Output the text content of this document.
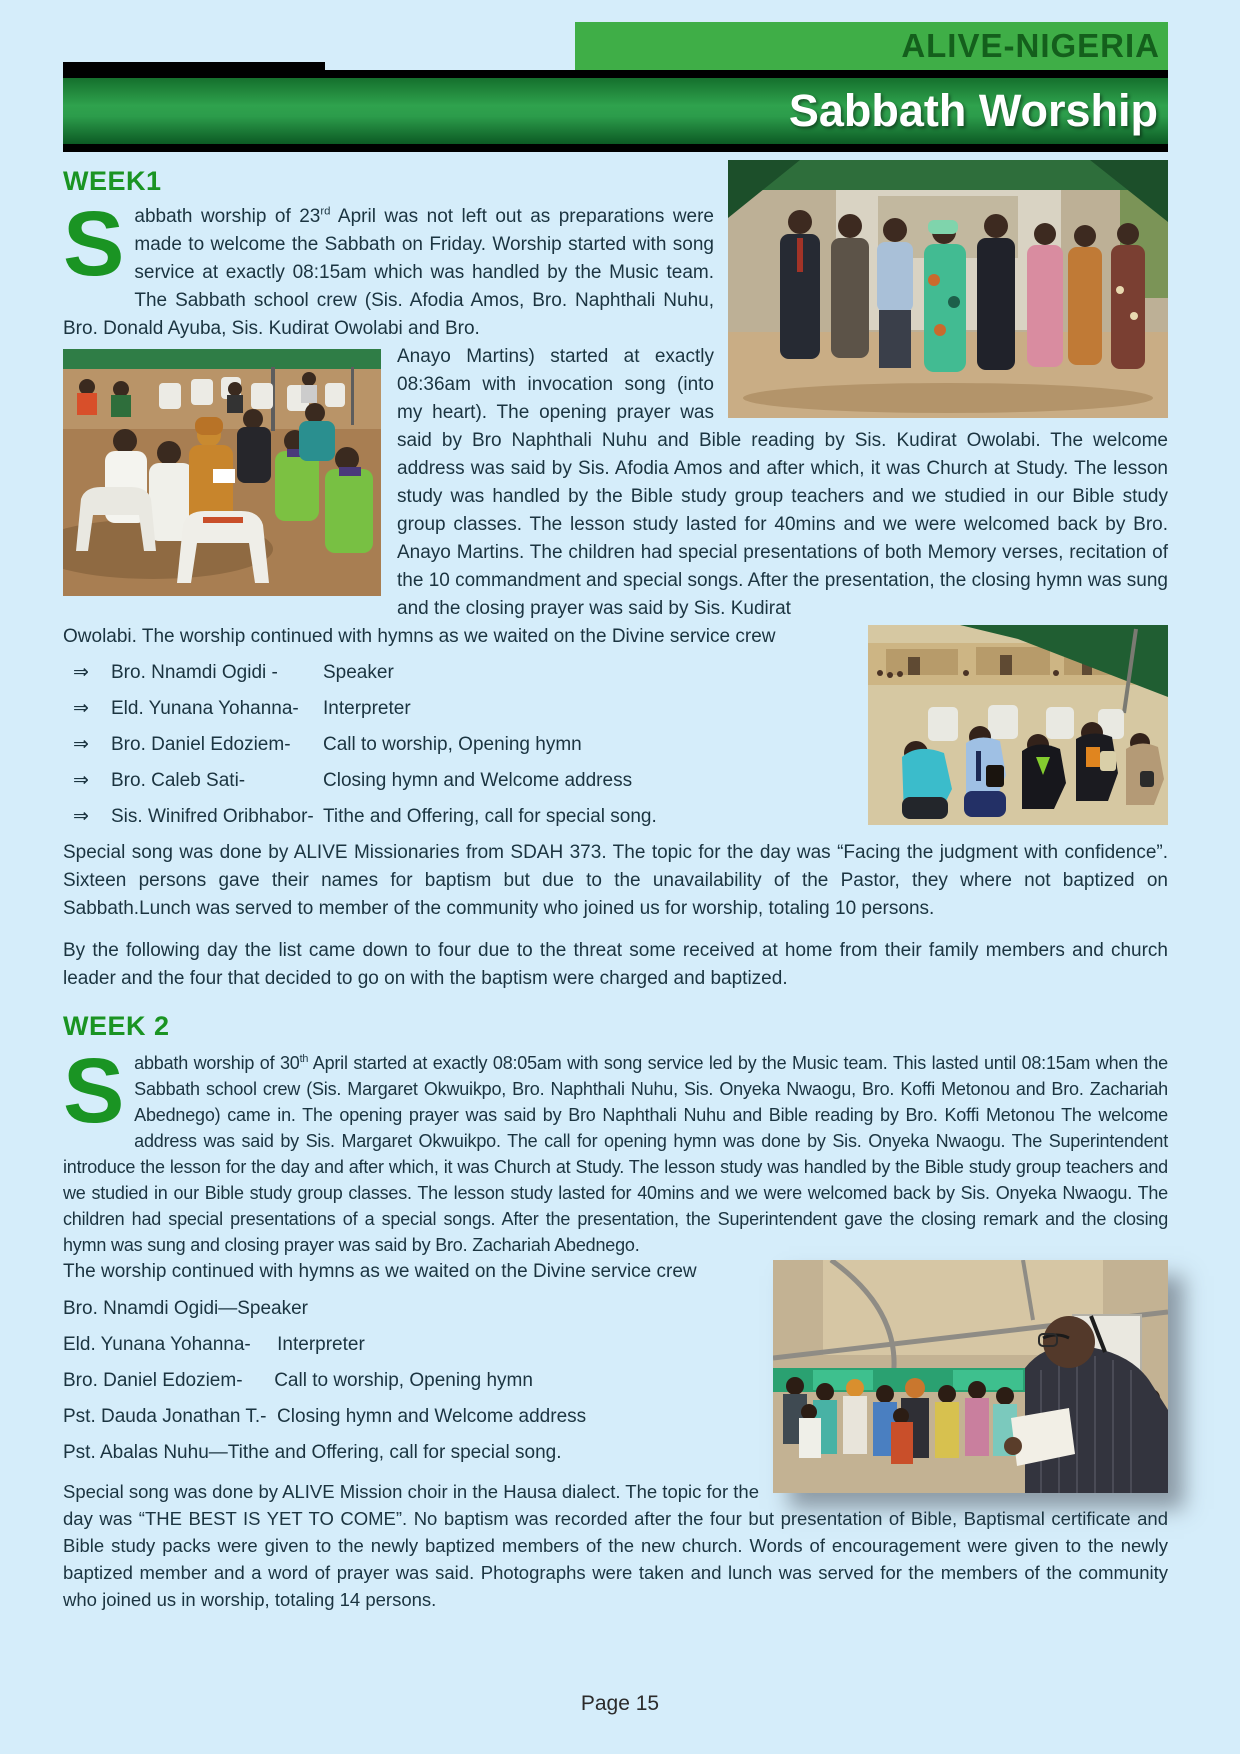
ALIVE-NIGERIA
Sabbath Worship
WEEK1

Sabbath worship of 23rd April was not left out as preparations were made to welcome the Sabbath on Friday. Worship started with song service at exactly 08:15am which was handled by the Music team. The Sabbath school crew (Sis. Afodia Amos, Bro. Naphthali Nuhu, Bro. Donald Ayuba, Sis. Kudirat Owolabi and Bro.

Anayo Martins) started at exactly 08:36am with invocation song (into my heart). The opening prayer was said by Bro Naphthali Nuhu and Bible reading by Sis. Kudirat Owolabi. The welcome address was said by Sis. Afodia Amos and after which, it was Church at Study. The lesson study was handled by the Bible study group teachers and we studied in our Bible study group classes. The lesson study lasted for 40mins and we were welcomed back by Bro. Anayo Martins. The children had special presentations of both Memory verses, recitation of the 10 commandment and special songs. After the presentation, the closing hymn was sung and the closing prayer was said by Sis. Kudirat

Owolabi. The worship continued with hymns as we waited on the Divine service crew

⇒ Bro. Nnamdi Ogidi - Speaker
⇒ Eld. Yunana Yohanna- Interpreter
⇒ Bro. Daniel Edoziem- Call to worship, Opening hymn
⇒ Bro. Caleb Sati-	Closing hymn and Welcome address
⇒ Sis. Winifred Oribhabor- Tithe and Offering, call for special song.

Special song was done by ALIVE Missionaries from SDAH 373. The topic for the day was “Facing the judgment with confidence”. Sixteen persons gave their names for baptism but due to the unavailability of the Pastor, they where not baptized on Sabbath.Lunch was served to member of the community who joined us for worship, totaling 10 persons.

By the following day the list came down to four due to the threat some received at home from their family members and church leader and the four that decided to go on with the baptism were charged and baptized.

WEEK 2

Sabbath worship of 30th April started at exactly 08:05am with song service led by the Music team. This lasted until 08:15am when the Sabbath school crew (Sis. Margaret Okwuikpo, Bro. Naphthali Nuhu, Sis. Onyeka Nwaogu, Bro. Koffi Metonou and Bro. Zachariah Abednego) came in. The opening prayer was said by Bro Naphthali Nuhu and Bible reading by Bro. Koffi Metonou The welcome address was said by Sis. Margaret Okwuikpo. The call for opening hymn was done by Sis. Onyeka Nwaogu. The Superintendent introduce the lesson for the day and after which, it was Church at Study. The lesson study was handled by the Bible study group teachers and we studied in our Bible study group classes. The lesson study lasted for 40mins and we were welcomed back by Sis. Onyeka Nwaogu. The children had special presentations of a special songs. After the presentation, the Superintendent gave the closing remark and the closing hymn was sung and closing prayer was said by Bro. Zachariah Abednego.

The worship continued with hymns as we waited on the Divine service crew

Bro. Nnamdi Ogidi—Speaker

Eld. Yunana Yohanna-     Interpreter

Bro. Daniel Edoziem-      Call to worship, Opening hymn

Pst. Dauda Jonathan T.-  Closing hymn and Welcome address

Pst. Abalas Nuhu—Tithe and Offering, call for special song.

Special song was done by ALIVE Mission choir in the Hausa dialect. The topic for the day was “THE BEST IS YET TO COME”. No baptism was recorded after the four but presentation of Bible, Baptismal certificate and Bible study packs were given to the newly baptized members of the new church. Words of encouragement were given to the newly baptized member and a word of prayer was said. Photographs were taken and lunch was served for the members of the community who joined us in worship, totaling 14 persons.

Page 15
